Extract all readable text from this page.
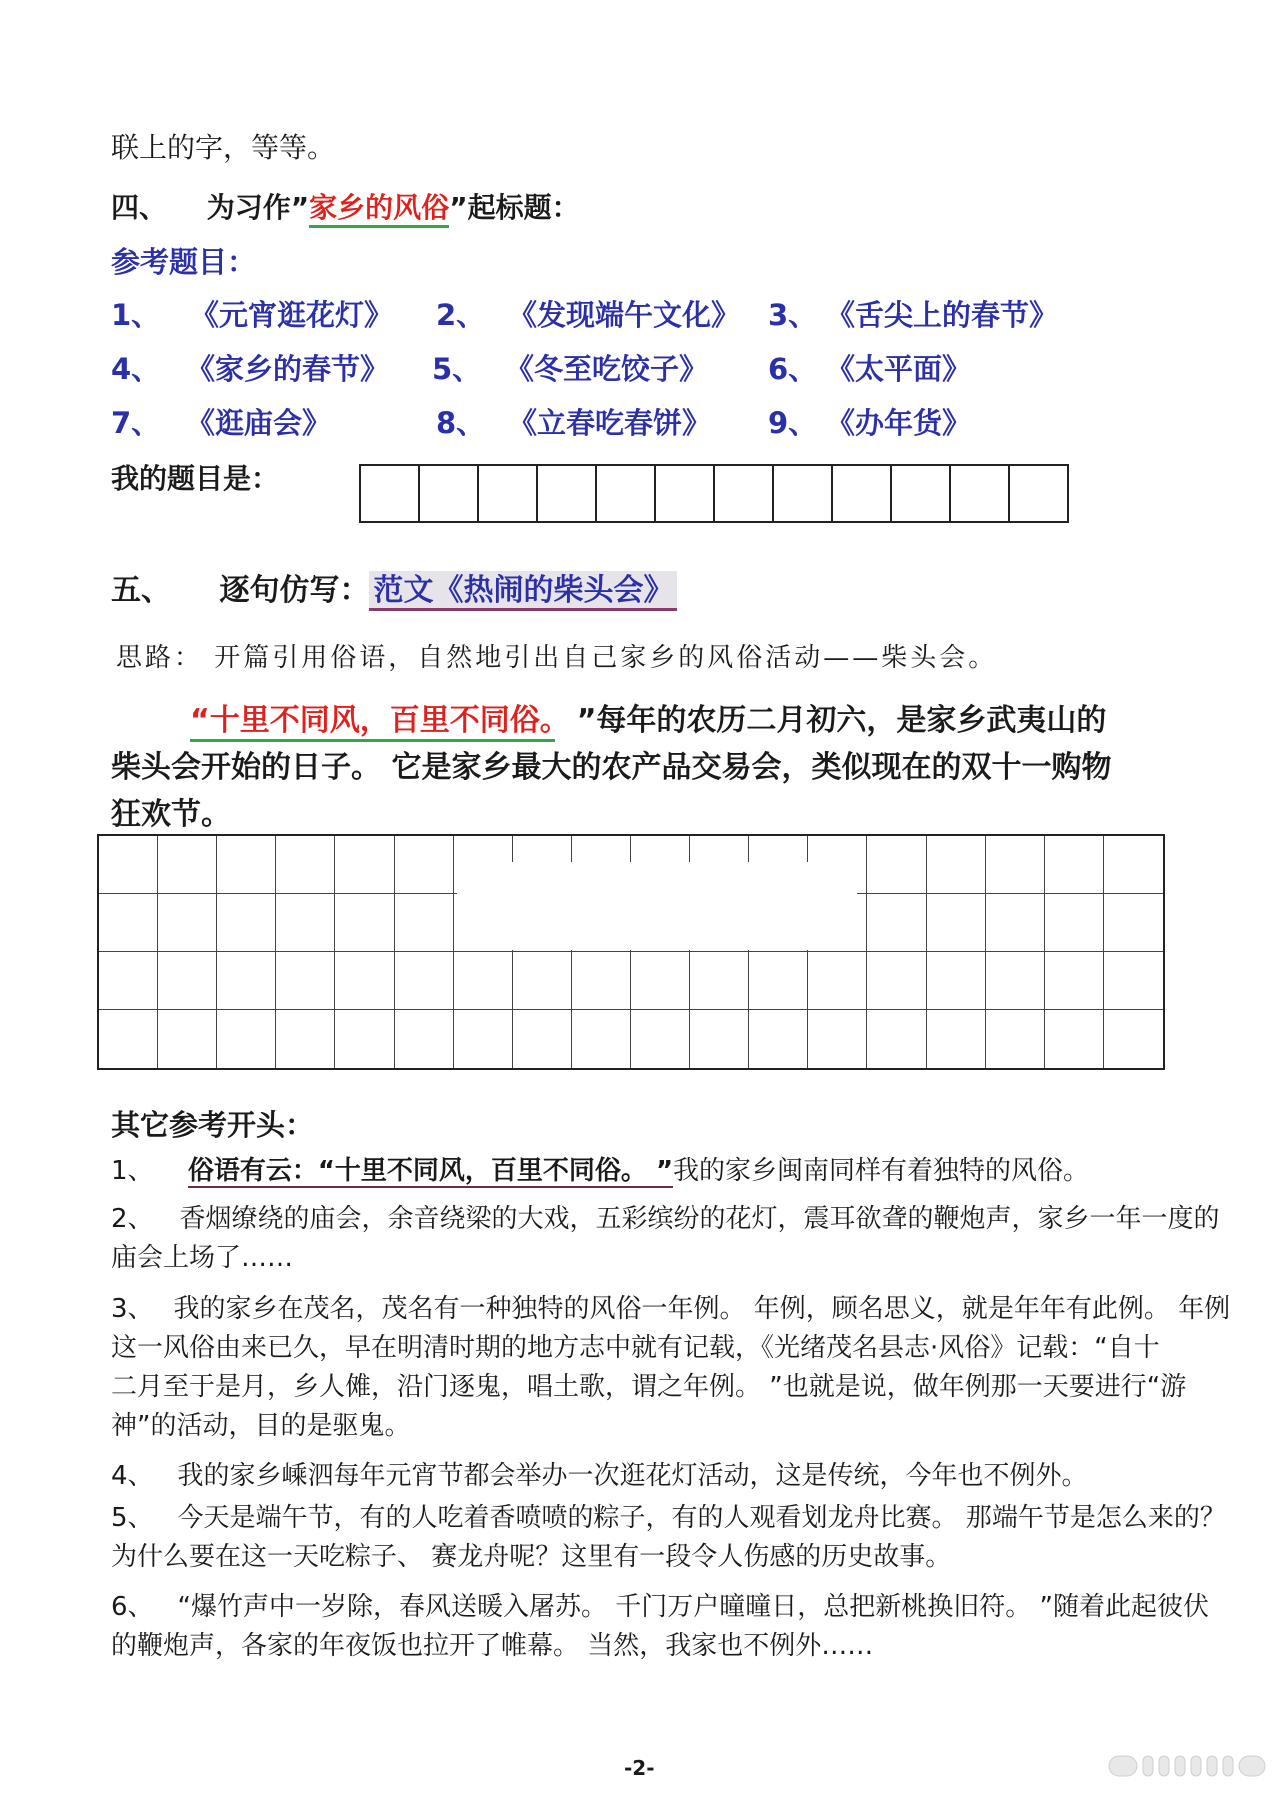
联上的字，等等。
四、 为习作”家乡的风俗”起标题：
参考题目：
1、 《元宵逛花灯》 2、 《发现端午文化》 3、 《舌尖上的春节》
4、 《家乡的春节》 5、 《冬至吃饺子》 6、 《太平面》
7、 《逛庙会》	8、 《立春吃春饼》 9、 《办年货》
我的题目是：
五、 逐句仿写： 范文《热闹的柴头会》
思路： 开篇引用俗语，自然地引出自己家乡的风俗活动——柴头会。
“十里不同风，百里不同俗。 ”每年的农历二月初六，是家乡武夷山的
柴头会开始的日子。 它是家乡最大的农产品交易会，类似现在的双十一购物
狂欢节。
其它参考开头：
1、 俗语有云：“十里不同风，百里不同俗。 ”我的家乡闽南同样有着独特的风俗。
2、 香烟缭绕的庙会，余音绕梁的大戏，五彩缤纷的花灯，震耳欲聋的鞭炮声，家乡一年一度的
庙会上场了……
3、 我的家乡在茂名，茂名有一种独特的风俗一年例。 年例，顾名思义，就是年年有此例。 年例
这一风俗由来已久，早在明清时期的地方志中就有记载，《光绪茂名县志·风俗》记载：“自十
二月至于是月，乡人傩，沿门逐鬼，唱土歌，谓之年例。 ”也就是说，做年例那一天要进行“游
神”的活动，目的是驱鬼。
4、 我的家乡嵊泗每年元宵节都会举办一次逛花灯活动，这是传统，今年也不例外。
5、 今天是端午节，有的人吃着香喷喷的粽子，有的人观看划龙舟比赛。 那端午节是怎么来的？
为什么要在这一天吃粽子、 赛龙舟呢？这里有一段令人伤感的历史故事。
6、 “爆竹声中一岁除，春风送暖入屠苏。 千门万户曈曈日，总把新桃换旧符。 ”随着此起彼伏
的鞭炮声，各家的年夜饭也拉开了帷幕。 当然，我家也不例外……
-2-
